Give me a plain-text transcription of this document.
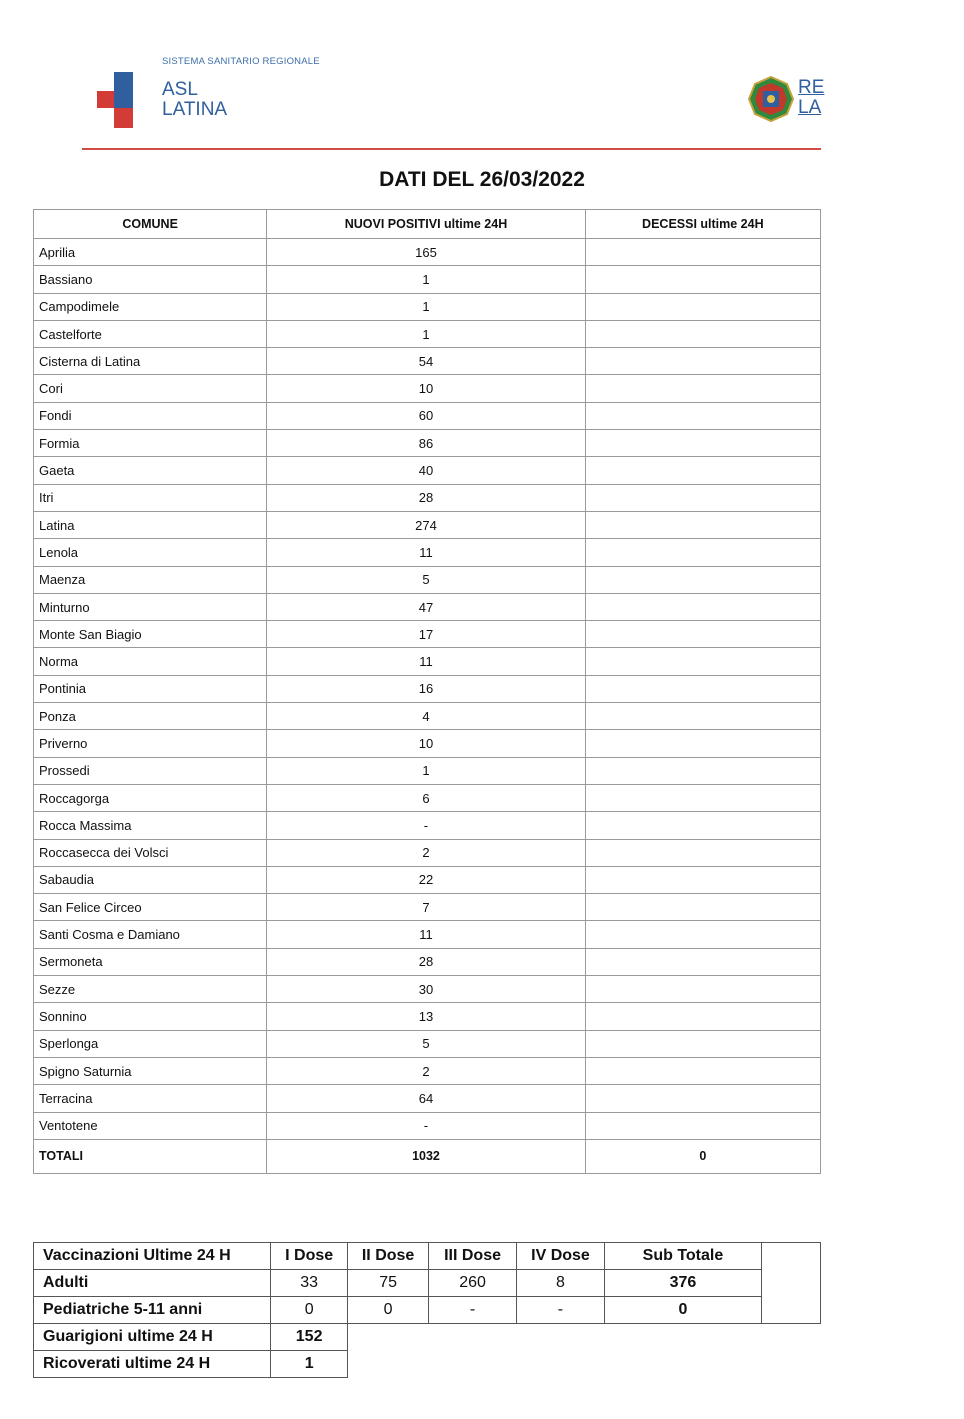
SISTEMA SANITARIO REGIONALE
ASL
LATINA
RE
LA
DATI DEL 26/03/2022
COMUNE	NUOVI POSITIVI ultime 24H	DECESSI ultime 24H
Aprilia	165	
Bassiano	1	
Campodimele	1	
Castelforte	1	
Cisterna di Latina	54	
Cori	10	
Fondi	60	
Formia	86	
Gaeta	40	
Itri	28	
Latina	274	
Lenola	11	
Maenza	5	
Minturno	47	
Monte San Biagio	17	
Norma	11	
Pontinia	16	
Ponza	4	
Priverno	10	
Prossedi	1	
Roccagorga	6	
Rocca Massima	-	
Roccasecca dei Volsci	2	
Sabaudia	22	
San Felice Circeo	7	
Santi Cosma e Damiano	11	
Sermoneta	28	
Sezze	30	
Sonnino	13	
Sperlonga	5	
Spigno Saturnia	2	
Terracina	64	
Ventotene	-	
TOTALI	1032	0
Vaccinazioni Ultime 24 H	I Dose	II Dose	III Dose	IV Dose	Sub Totale	
Adulti	33	75	260	8	376	
Pediatriche 5-11 anni	0	0	-	-	0	
Guarigioni ultime 24 H	152					
Ricoverati ultime 24 H	1					
